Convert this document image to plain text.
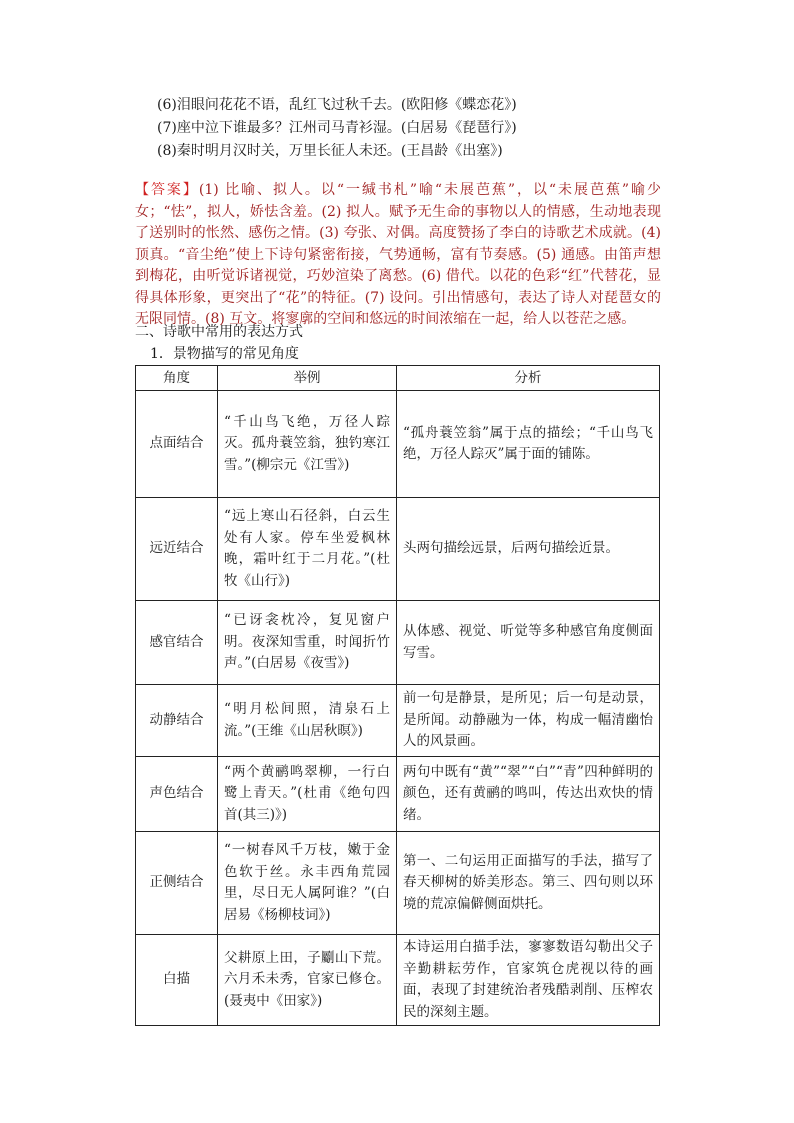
(6)泪眼问花花不语，乱红飞过秋千去。(欧阳修《蝶恋花》)
(7)座中泣下谁最多？江州司马青衫湿。(白居易《琵琶行》)
(8)秦时明月汉时关，万里长征人未还。(王昌龄《出塞》)
【答案】(1) 比喻、拟人。以“一缄书札”喻“未展芭蕉”，以“未展芭蕉”喻少女；“怯”，拟人，娇怯含羞。(2) 拟人。赋予无生命的事物以人的情感，生动地表现了送别时的怅然、感伤之情。(3) 夸张、对偶。高度赞扬了李白的诗歌艺术成就。(4) 顶真。“音尘绝”使上下诗句紧密衔接，气势通畅，富有节奏感。(5) 通感。由笛声想到梅花，由听觉诉诸视觉，巧妙渲染了离愁。(6) 借代。以花的色彩“红”代替花，显得具体形象，更突出了“花”的特征。(7) 设问。引出情感句，表达了诗人对琵琶女的无限同情。(8) 互文。将寥廓的空间和悠远的时间浓缩在一起，给人以苍茫之感。
二、诗歌中常用的表达方式
1．景物描写的常见角度
角度	举例	分析
点面结合	“千山鸟飞绝，万径人踪灭。孤舟蓑笠翁，独钓寒江雪。”(柳宗元《江雪》)	“孤舟蓑笠翁”属于点的描绘；“千山鸟飞绝，万径人踪灭”属于面的铺陈。
远近结合	“远上寒山石径斜，白云生处有人家。停车坐爱枫林晚，霜叶红于二月花。”(杜牧《山行》)	头两句描绘远景，后两句描绘近景。
感官结合	“已讶衾枕冷，复见窗户明。夜深知雪重，时闻折竹声。”(白居易《夜雪》)	从体感、视觉、听觉等多种感官角度侧面写雪。
动静结合	“明月松间照，清泉石上流。”(王维《山居秋暝》)	前一句是静景，是所见；后一句是动景，是所闻。动静融为一体，构成一幅清幽怡人的风景画。
声色结合	“两个黄鹂鸣翠柳，一行白鹭上青天。”(杜甫《绝句四首(其三)》)	两句中既有“黄”“翠”“白”“青”四种鲜明的颜色，还有黄鹂的鸣叫，传达出欢快的情绪。
正侧结合	“一树春风千万枝，嫩于金色软于丝。永丰西角荒园里，尽日无人属阿谁？”(白居易《杨柳枝词》)	第一、二句运用正面描写的手法，描写了春天柳树的娇美形态。第三、四句则以环境的荒凉偏僻侧面烘托。
白描	父耕原上田，子劚山下荒。六月禾未秀，官家已修仓。(聂夷中《田家》)	本诗运用白描手法，寥寥数语勾勒出父子辛勤耕耘劳作，官家筑仓虎视以待的画面，表现了封建统治者残酷剥削、压榨农民的深刻主题。
